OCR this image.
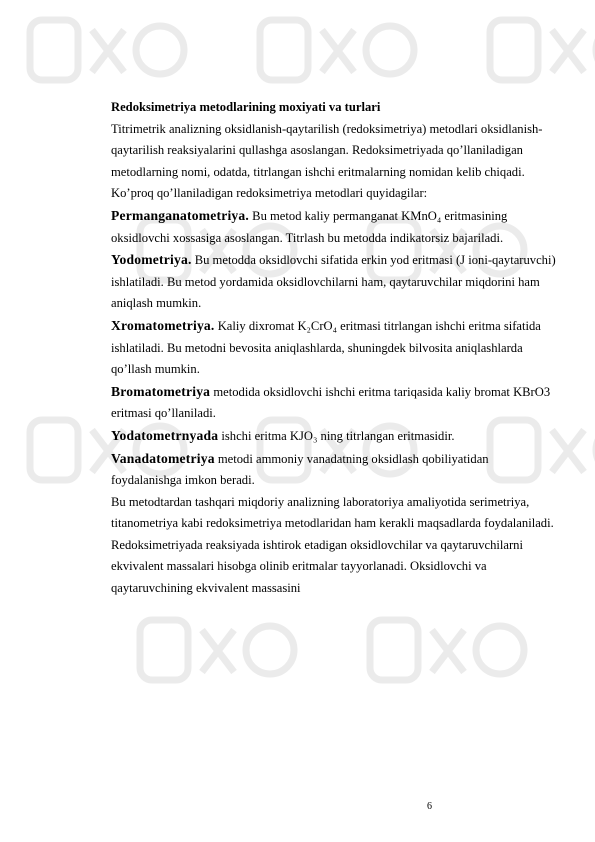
Redoksimetriya metodlarining moxiyati va turlari

Titrimetrik analizning oksidlanish-qaytarilish (redoksimetriya) metodlari oksidlanish-qaytarilish reaksiyalarini qullashga asoslangan. Redoksimetriyada qo’llaniladigan metodlarning nomi, odatda, titrlangan ishchi eritmalarning nomidan kelib chiqadi. Ko’proq qo’llaniladigan redoksimetriya metodlari quyidagilar:

Permanganatometriya. Bu metod kaliy permanganat KMnO₄ eritmasining oksidlovchi xossasiga asoslangan. Titrlash bu metodda indikatorsiz bajariladi.

Yodometriya. Bu metodda oksidlovchi sifatida erkin yod eritmasi (J ioni-qaytaruvchi) ishlatiladi. Bu metod yordamida oksidlovchilarni ham, qaytaruvchilar miqdorini ham aniqlash mumkin.

Xromatometriya. Kaliy dixromat K₂CrO₄ eritmasi titrlangan ishchi eritma sifatida ishlatiladi. Bu metodni bevosita aniqlashlarda, shuningdek bilvosita aniqlashlarda qo’llash mumkin.

Bromatometriya metodida oksidlovchi ishchi eritma tariqasida kaliy bromat KBrO3 eritmasi qo’llaniladi.

Yodatometrnyada ishchi eritma KJO₃ ning titrlangan eritmasidir.

Vanadatometriya metodi ammoniy vanadatning oksidlash qobiliyatidan foydalanishga imkon beradi.

Bu metodtardan tashqari miqdoriy analizning laboratoriya amaliyotida serimetriya, titanometriya kabi redoksimetriya metodlaridan ham kerakli maqsadlarda foydalaniladi.

Redoksimetriyada reaksiyada ishtirok etadigan oksidlovchilar va qaytaruvchilarni ekvivalent massalari hisobga olinib eritmalar tayyorlanadi. Oksidlovchi va qaytaruvchining ekvivalent massasini

6
